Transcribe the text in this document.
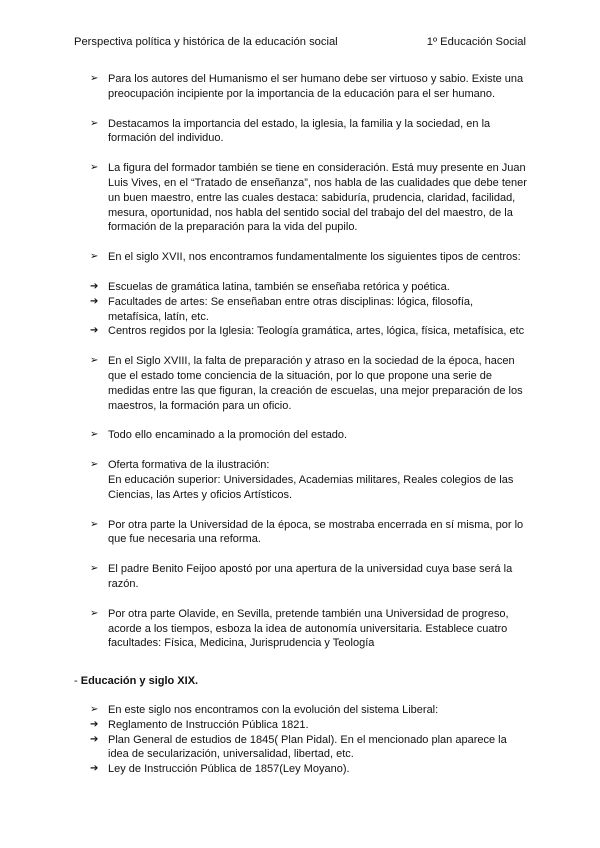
Perspectiva política y histórica de la educación social	1º Educación Social
➢ Para los autores del Humanismo el ser humano debe ser virtuoso y sabio. Existe una preocupación incipiente por la importancia de la educación para el ser humano.
➢ Destacamos la importancia del estado, la iglesia, la familia y la sociedad, en la formación del individuo.
➢ La figura del formador también se tiene en consideración. Está muy presente en Juan Luis Vives, en el “Tratado de enseñanza”, nos habla de las cualidades que debe tener un buen maestro, entre las cuales destaca: sabiduría, prudencia, claridad, facilidad, mesura, oportunidad, nos habla del sentido social del trabajo del del maestro, de la formación de la preparación para la vida del pupilo.
➢ En el siglo XVII, nos encontramos fundamentalmente los siguientes tipos de centros:
➔ Escuelas de gramática latina, también se enseñaba retórica y poética.
➔ Facultades de artes: Se enseñaban entre otras disciplinas: lógica, filosofía, metafísica, latín, etc.
➔ Centros regidos por la Iglesia: Teología gramática, artes, lógica, física, metafísica, etc
➢ En el Siglo XVIII, la falta de preparación y atraso en la sociedad de la época, hacen que el estado tome conciencia de la situación, por lo que propone una serie de medidas entre las que figuran, la creación de escuelas, una mejor preparación de los maestros, la formación para un oficio.
➢ Todo ello encaminado a la promoción del estado.
➢ Oferta formativa de la ilustración:
En educación superior: Universidades, Academias militares, Reales colegios de las Ciencias, las Artes y oficios Artísticos.
➢ Por otra parte la Universidad de la época, se mostraba encerrada en sí misma, por lo que fue necesaria una reforma.
➢ El padre Benito Feijoo apostó por una apertura de la universidad cuya base será la razón.
➢ Por otra parte Olavide, en Sevilla, pretende también una Universidad de progreso, acorde a los tiempos, esboza la idea de autonomía universitaria. Establece cuatro facultades: Física, Medicina, Jurisprudencia y Teología
- Educación y siglo XIX.
➢ En este siglo nos encontramos con la evolución del sistema Liberal:
➔ Reglamento de Instrucción Pública 1821.
➔ Plan General de estudios de 1845( Plan Pidal). En el mencionado plan aparece la idea de secularización, universalidad, libertad, etc.
➔ Ley de Instrucción Pública de 1857(Ley Moyano).
